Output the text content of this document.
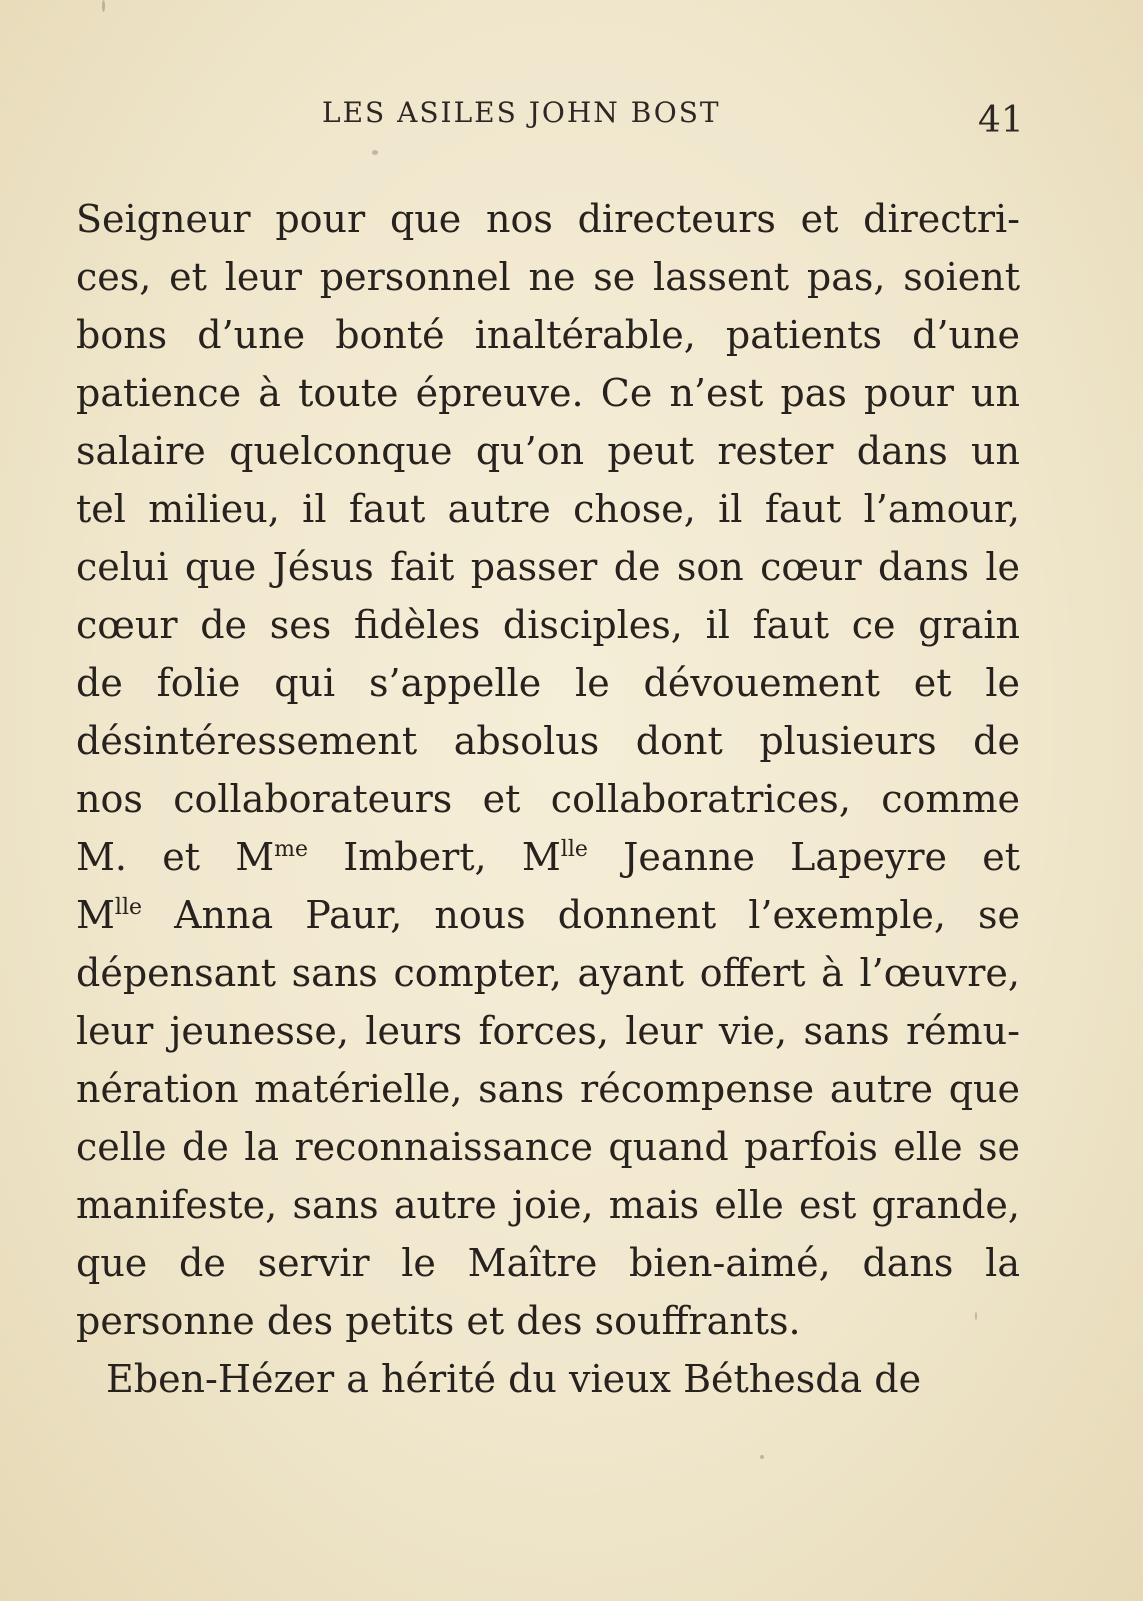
LES ASILES JOHN BOST	41
Seigneur pour que nos directeurs et directri-
ces, et leur personnel ne se lassent pas, soient
bons d’une bonté inaltérable, patients d’une
patience à toute épreuve. Ce n’est pas pour un
salaire quelconque qu’on peut rester dans un
tel milieu, il faut autre chose, il faut l’amour,
celui que Jésus fait passer de son cœur dans le
cœur de ses fidèles disciples, il faut ce grain
de folie qui s’appelle le dévouement et le
désintéressement absolus dont plusieurs de
nos collaborateurs et collaboratrices, comme
M. et $M^{me}$ Imbert, $M^{lle}$ Jeanne Lapeyre et
$M^{lle}$ Anna Paur, nous donnent l’exemple, se
dépensant sans compter, ayant offert à l’œuvre,
leur jeunesse, leurs forces, leur vie, sans rému-
nération matérielle, sans récompense autre que
celle de la reconnaissance quand parfois elle se
manifeste, sans autre joie, mais elle est grande,
que de servir le Maître bien-aimé, dans la
personne des petits et des souffrants.
Eben-Hézer a hérité du vieux Béthesda de
